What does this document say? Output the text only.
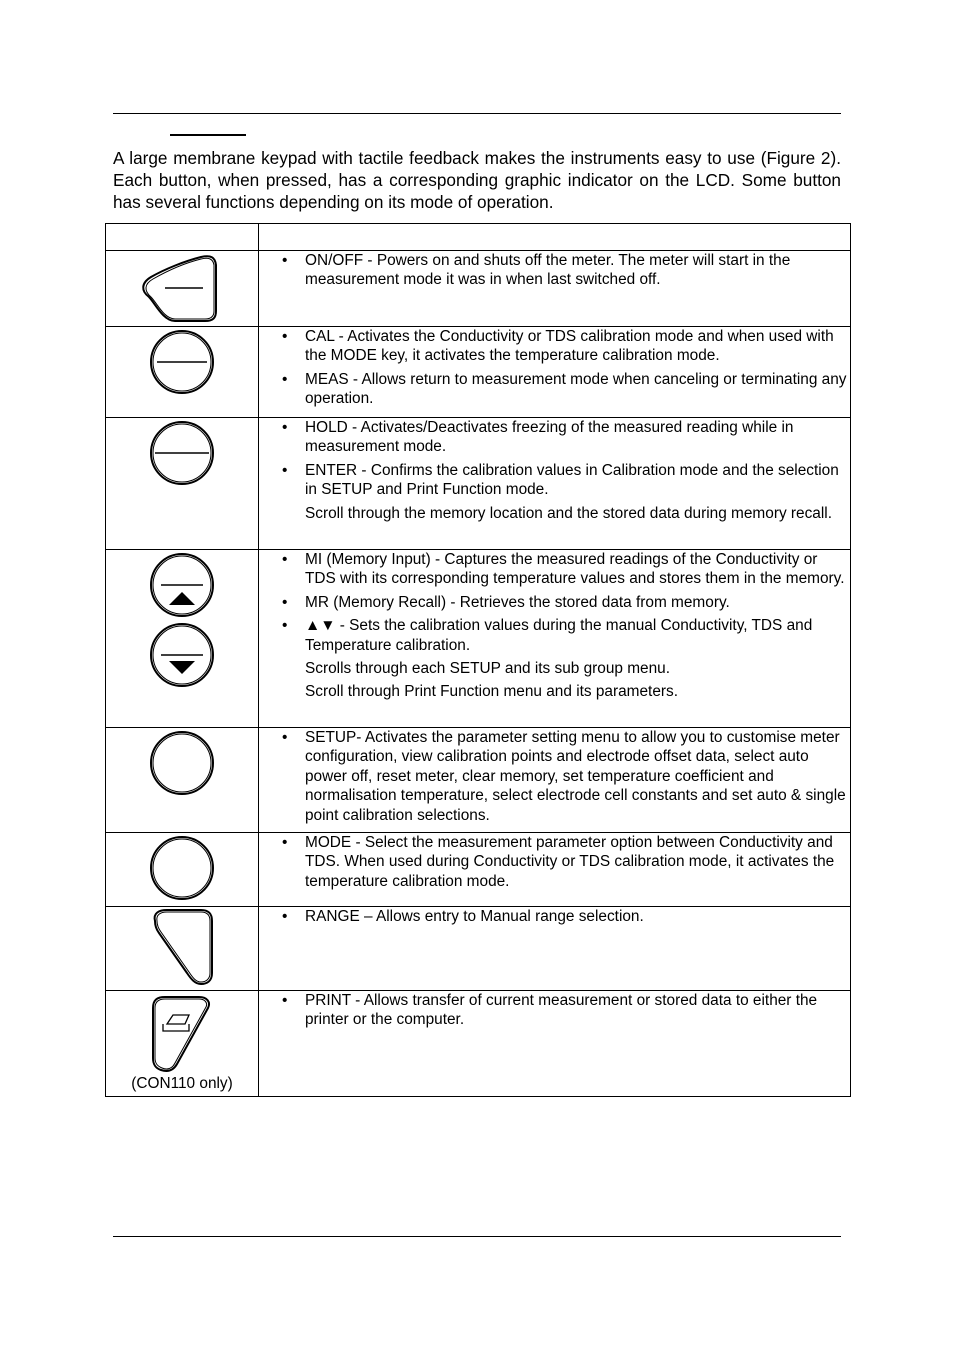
A large membrane keypad with tactile feedback makes the instruments easy to use (Figure 2). Each button, when pressed, has a corresponding graphic indicator on the LCD. Some button has several functions depending on its mode of operation.

• ON/OFF - Powers on and shuts off the meter. The meter will start in the measurement mode it was in when last switched off.

• CAL - Activates the Conductivity or TDS calibration mode and when used with the MODE key, it activates the temperature calibration mode.
• MEAS - Allows return to measurement mode when canceling or terminating any operation.

• HOLD - Activates/Deactivates freezing of the measured reading while in measurement mode.
• ENTER - Confirms the calibration values in Calibration mode and the selection in SETUP and Print Function mode.
Scroll through the memory location and the stored data during memory recall.

• MI (Memory Input) - Captures the measured readings of the Conductivity or TDS with its corresponding temperature values and stores them in the memory.
• MR (Memory Recall) - Retrieves the stored data from memory.
• ▲▼ - Sets the calibration values during the manual Conductivity, TDS and Temperature calibration.
Scrolls through each SETUP and its sub group menu.
Scroll through Print Function menu and its parameters.

• SETUP- Activates the parameter setting menu to allow you to customise meter configuration, view calibration points and electrode offset data, select auto power off, reset meter, clear memory, set temperature coefficient and normalisation temperature, select electrode cell constants and set auto & single point calibration selections.

• MODE - Select the measurement parameter option between Conductivity and TDS. When used during Conductivity or TDS calibration mode, it activates the temperature calibration mode.

• RANGE – Allows entry to Manual range selection.

(CON110 only)	• PRINT - Allows transfer of current measurement or stored data to either the printer or the computer.
